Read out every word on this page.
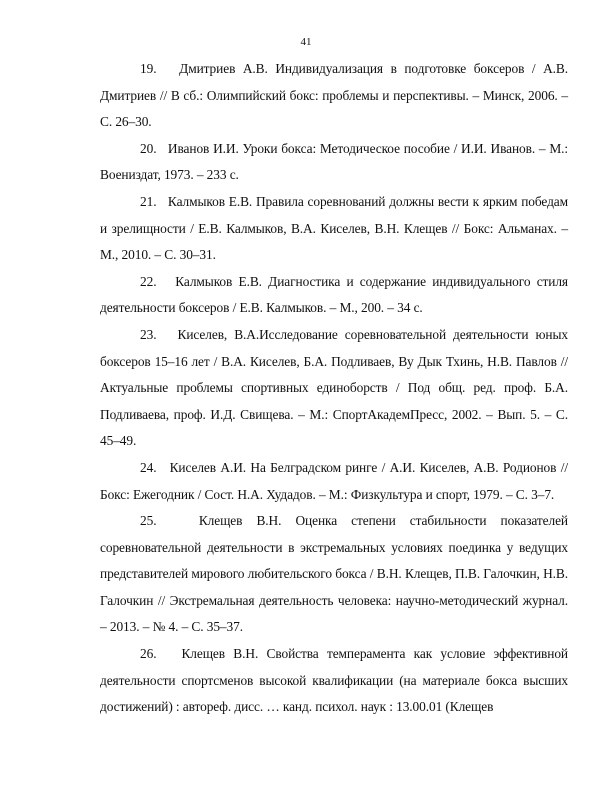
41

19. Дмитриев А.В. Индивидуализация в подготовке боксеров / А.В. Дмитриев // В сб.: Олимпийский бокс: проблемы и перспективы. – Минск, 2006. – С. 26–30.

20. Иванов И.И. Уроки бокса: Методическое пособие / И.И. Иванов. – М.: Воениздат, 1973. – 233 с.

21. Калмыков Е.В. Правила соревнований должны вести к ярким победам и зрелищности / Е.В. Калмыков, В.А. Киселев, В.Н. Клещев // Бокс: Альманах. – М., 2010. – С. 30–31.

22. Калмыков Е.В. Диагностика и содержание индивидуального стиля деятельности боксеров / Е.В. Калмыков. – М., 200. – 34 с.

23. Киселев, В.А.Исследование соревновательной деятельности юных боксеров 15–16 лет / В.А. Киселев, Б.А. Подливаев, Ву Дык Тхинь, Н.В. Павлов // Актуальные проблемы спортивных единоборств / Под общ. ред. проф. Б.А. Подливаева, проф. И.Д. Свищева. – М.: СпортАкадемПресс, 2002. – Вып. 5. – С. 45–49.

24. Киселев А.И. На Белградском ринге / А.И. Киселев, А.В. Родионов // Бокс: Ежегодник / Сост. Н.А. Худадов. – М.: Физкультура и спорт, 1979. – С. 3–7.

25.	Клещев В.Н. Оценка степени стабильности показателей соревновательной деятельности в экстремальных условиях поединка у ведущих представителей мирового любительского бокса / В.Н. Клещев, П.В. Галочкин, Н.В. Галочкин // Экстремальная деятельность человека: научно-методический журнал. – 2013. – № 4. – С. 35–37.

26. Клещев В.Н. Свойства темперамента как условие эффективной деятельности спортсменов высокой квалификации (на материале бокса высших достижений) : автореф. дисс. … канд. психол. наук : 13.00.01 (Клещев
